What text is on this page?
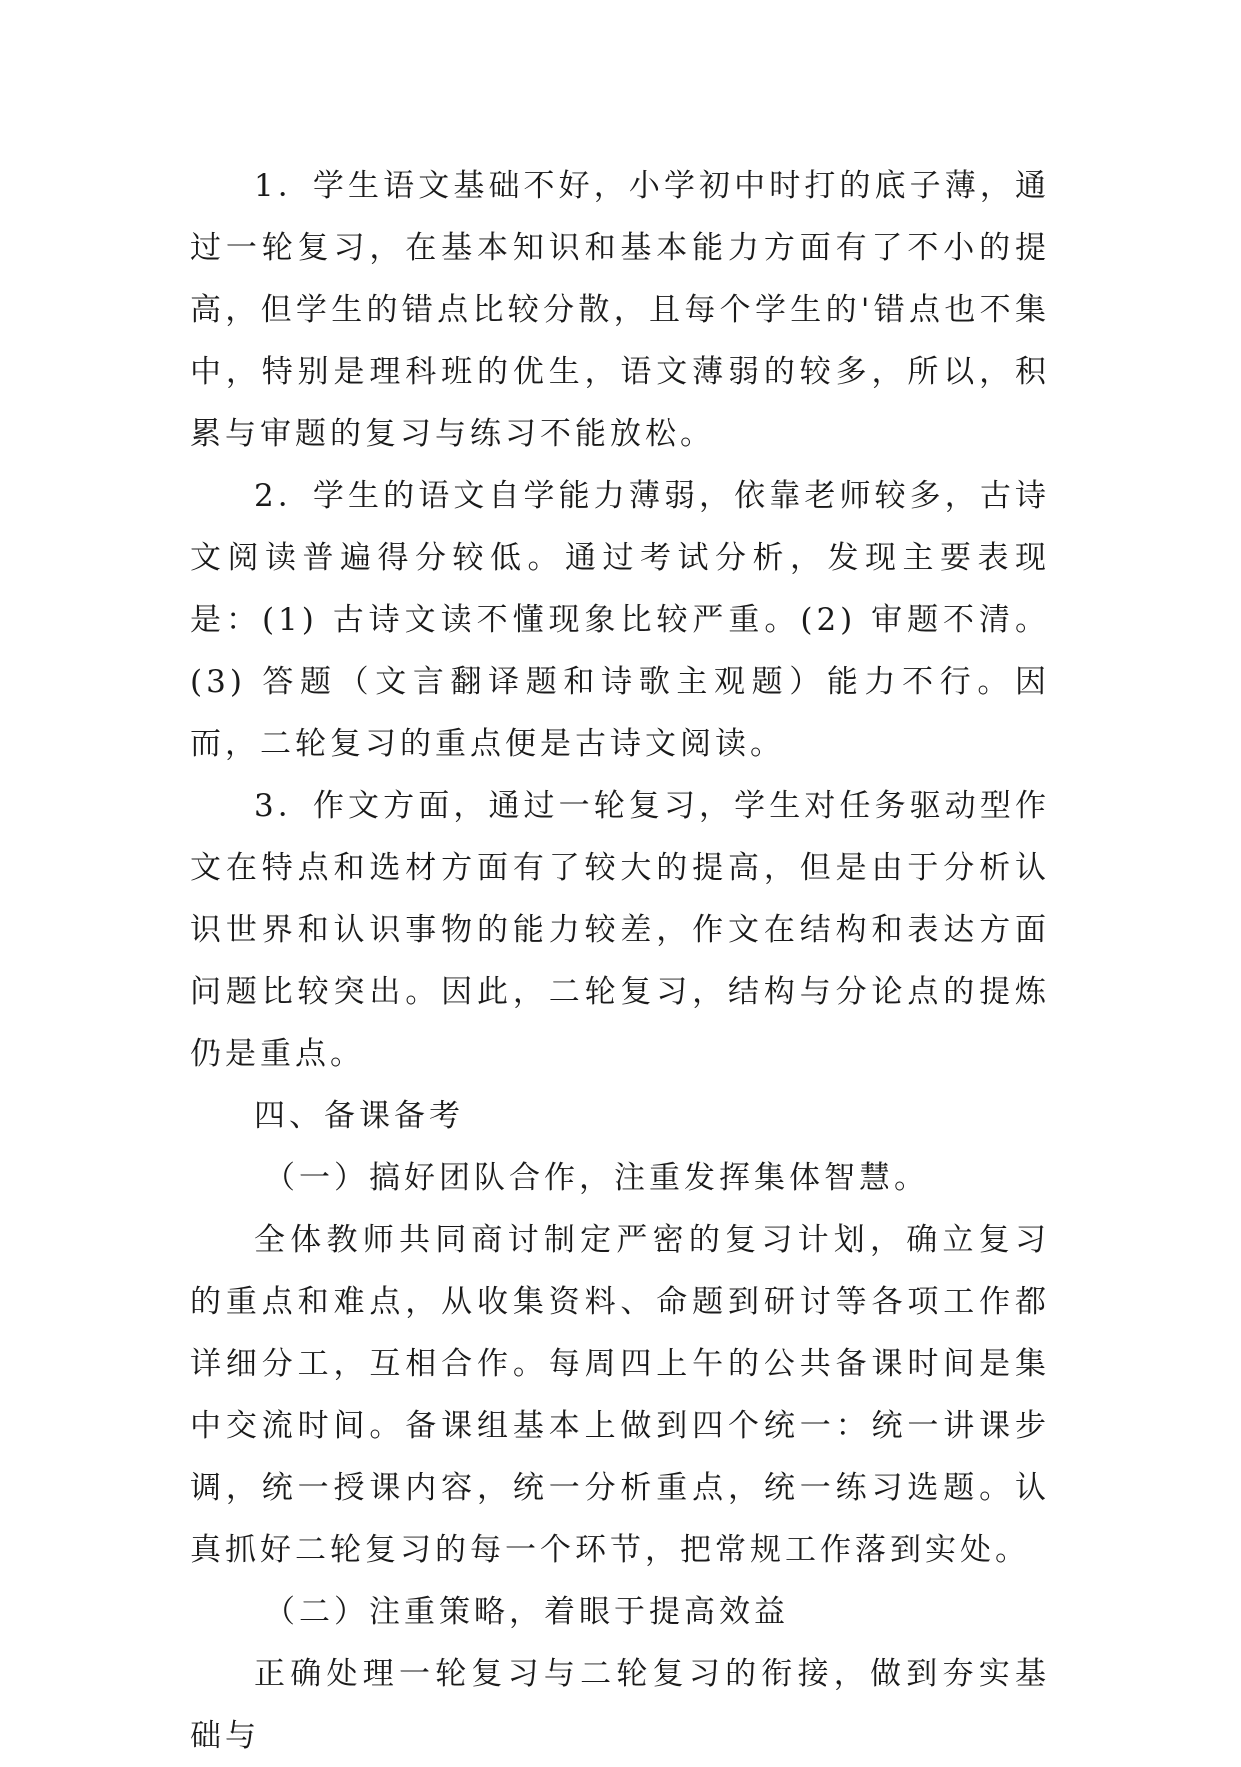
1．学生语文基础不好，小学初中时打的底子薄，通过一轮复习，在基本知识和基本能力方面有了不小的提高，但学生的错点比较分散，且每个学生的'错点也不集中，特别是理科班的优生，语文薄弱的较多，所以，积累与审题的复习与练习不能放松。

2．学生的语文自学能力薄弱，依靠老师较多，古诗文阅读普遍得分较低。通过考试分析，发现主要表现是：(1) 古诗文读不懂现象比较严重。(2) 审题不清。(3) 答题（文言翻译题和诗歌主观题）能力不行。因而，二轮复习的重点便是古诗文阅读。

3．作文方面，通过一轮复习，学生对任务驱动型作文在特点和选材方面有了较大的提高，但是由于分析认识世界和认识事物的能力较差，作文在结构和表达方面问题比较突出。因此，二轮复习，结构与分论点的提炼仍是重点。

四、备课备考

（一）搞好团队合作，注重发挥集体智慧。

全体教师共同商讨制定严密的复习计划，确立复习的重点和难点，从收集资料、命题到研讨等各项工作都详细分工，互相合作。每周四上午的公共备课时间是集中交流时间。备课组基本上做到四个统一：统一讲课步调，统一授课内容，统一分析重点，统一练习选题。认真抓好二轮复习的每一个环节，把常规工作落到实处。

（二）注重策略，着眼于提高效益

正确处理一轮复习与二轮复习的衔接，做到夯实基础与
